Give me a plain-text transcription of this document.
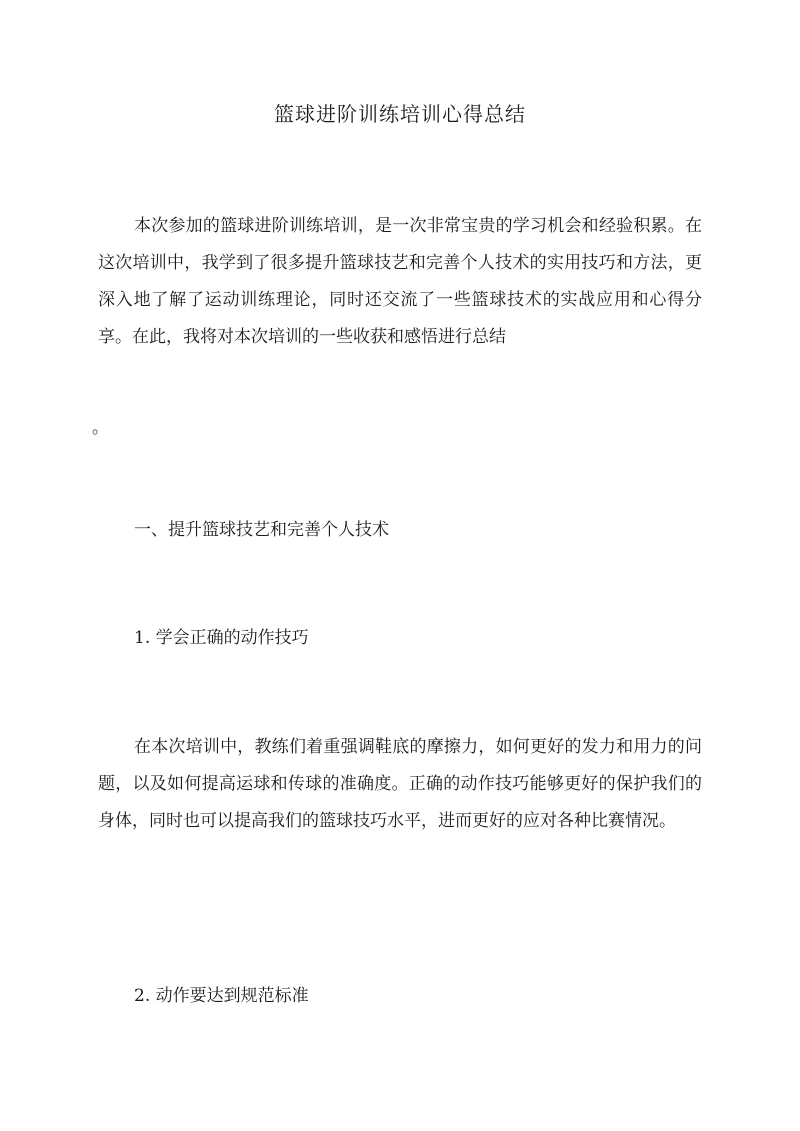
篮球进阶训练培训心得总结

本次参加的篮球进阶训练培训，是一次非常宝贵的学习机会和经验积累。在这次培训中，我学到了很多提升篮球技艺和完善个人技术的实用技巧和方法，更深入地了解了运动训练理论，同时还交流了一些篮球技术的实战应用和心得分享。在此，我将对本次培训的一些收获和感悟进行总结

。

一、提升篮球技艺和完善个人技术
1. 学会正确的动作技巧

在本次培训中，教练们着重强调鞋底的摩擦力，如何更好的发力和用力的问题，以及如何提高运球和传球的准确度。正确的动作技巧能够更好的保护我们的身体，同时也可以提高我们的篮球技巧水平，进而更好的应对各种比赛情况。

2. 动作要达到规范标准
